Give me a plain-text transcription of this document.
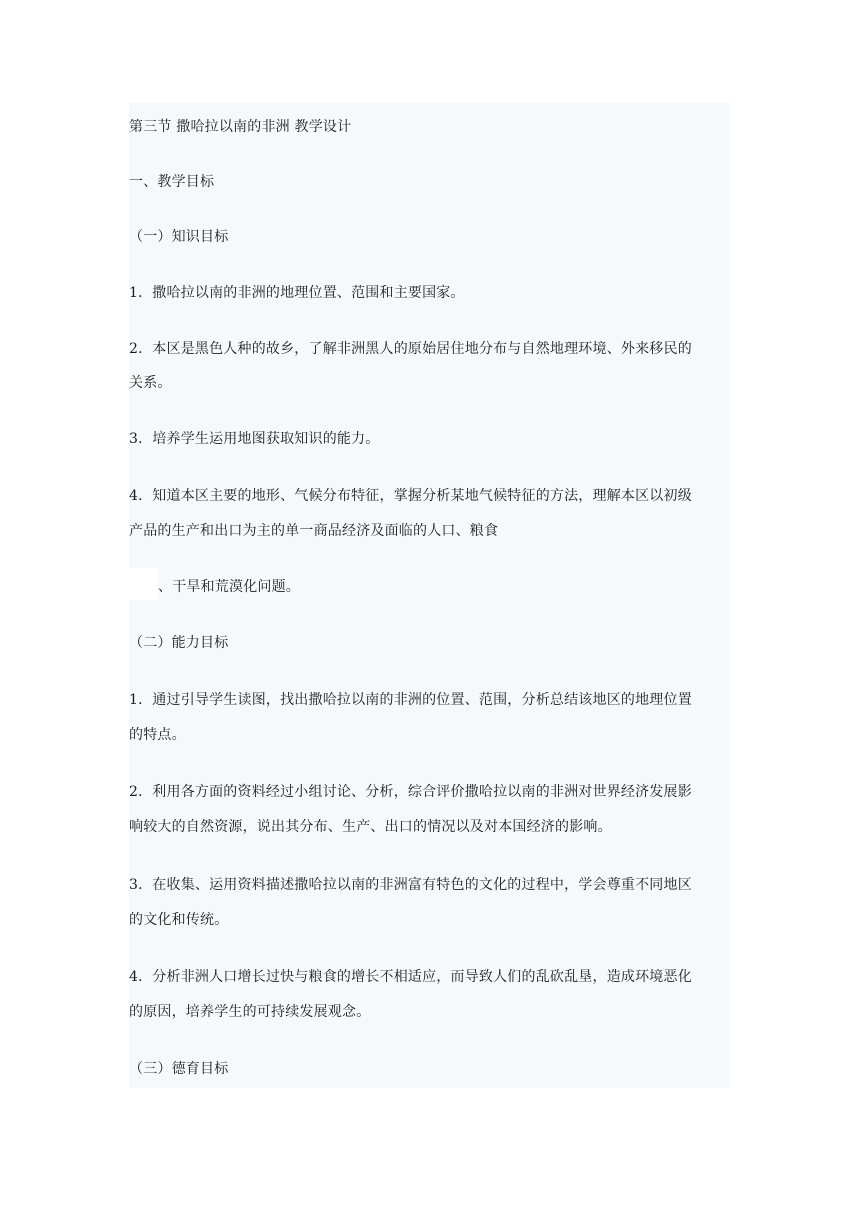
第三节 撒哈拉以南的非洲 教学设计
一、教学目标
（一）知识目标
1．撒哈拉以南的非洲的地理位置、范围和主要国家。
2．本区是黑色人种的故乡，了解非洲黑人的原始居住地分布与自然地理环境、外来移民的
关系。
3．培养学生运用地图获取知识的能力。
4．知道本区主要的地形、气候分布特征，掌握分析某地气候特征的方法，理解本区以初级
产品的生产和出口为主的单一商品经济及面临的人口、粮食
、干旱和荒漠化问题。
（二）能力目标
1．通过引导学生读图，找出撒哈拉以南的非洲的位置、范围，分析总结该地区的地理位置
的特点。
2．利用各方面的资料经过小组讨论、分析，综合评价撒哈拉以南的非洲对世界经济发展影
响较大的自然资源，说出其分布、生产、出口的情况以及对本国经济的影响。
3．在收集、运用资料描述撒哈拉以南的非洲富有特色的文化的过程中，学会尊重不同地区
的文化和传统。
4．分析非洲人口增长过快与粮食的增长不相适应，而导致人们的乱砍乱垦，造成环境恶化
的原因，培养学生的可持续发展观念。
（三）德育目标
